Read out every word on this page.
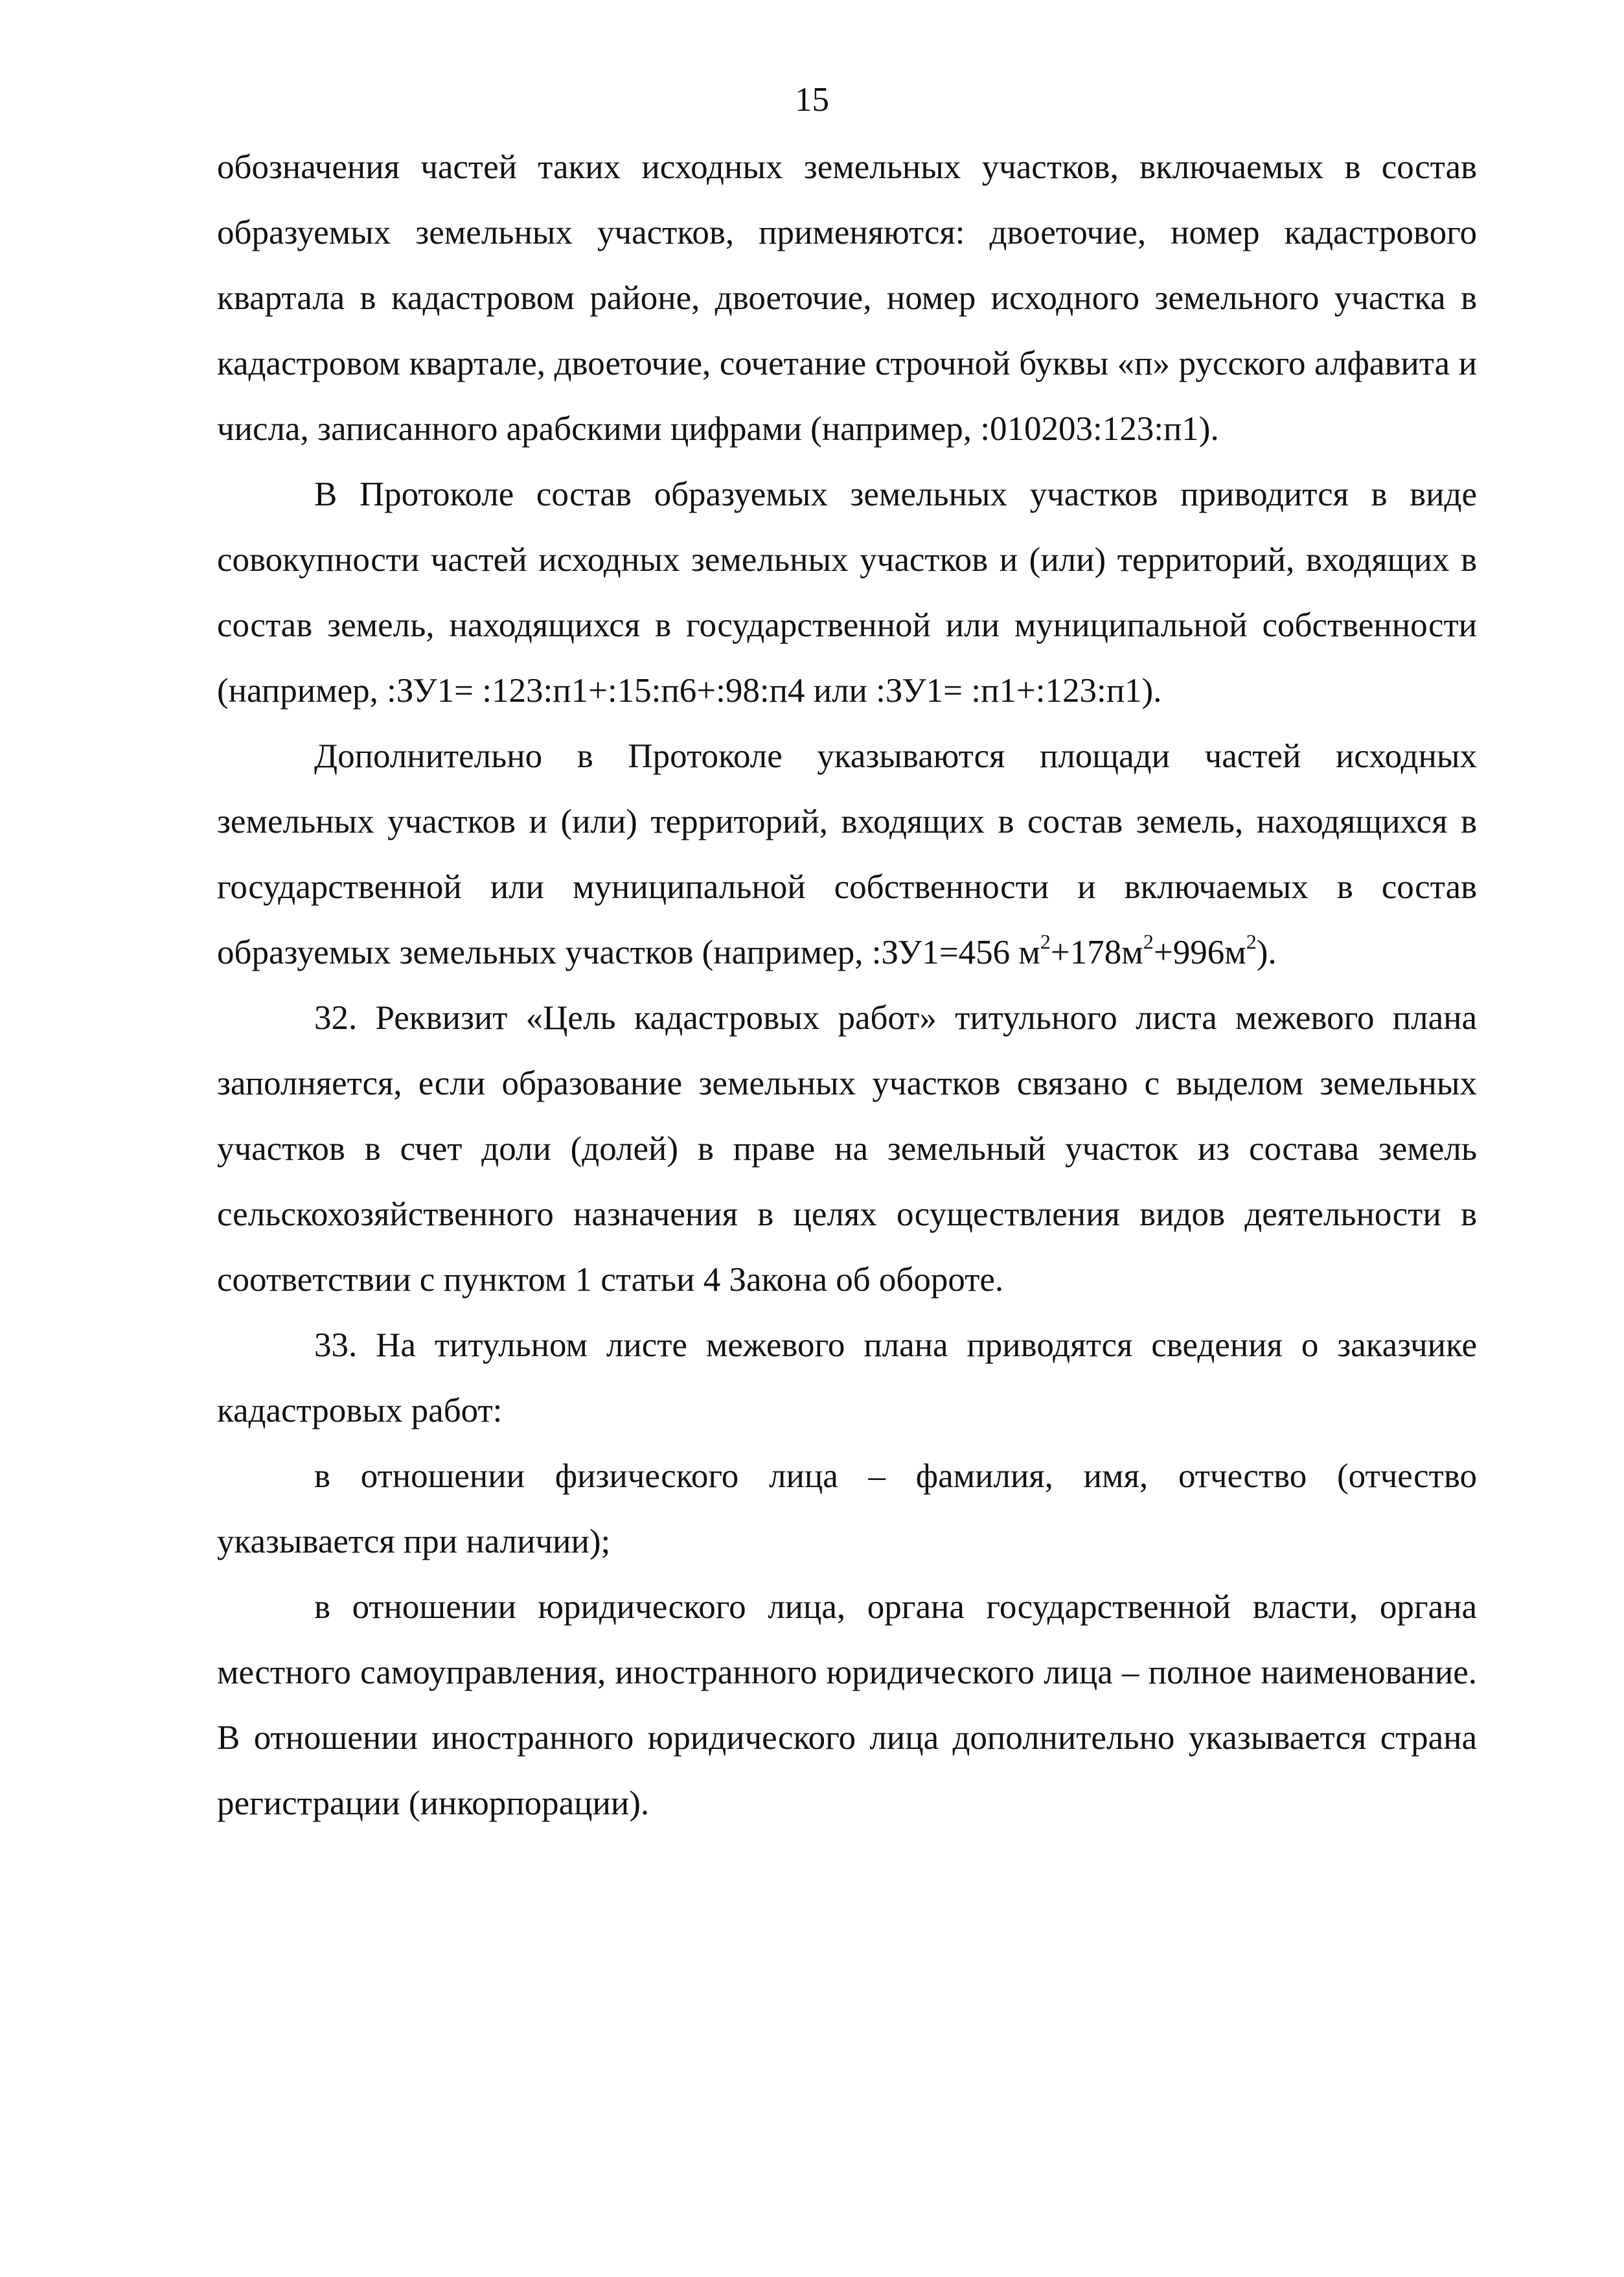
15

обозначения частей таких исходных земельных участков, включаемых в состав образуемых земельных участков, применяются: двоеточие, номер кадастрового квартала в кадастровом районе, двоеточие, номер исходного земельного участка в кадастровом квартале, двоеточие, сочетание строчной буквы «п» русского алфавита и числа, записанного арабскими цифрами (например, :010203:123:п1).

В Протоколе состав образуемых земельных участков приводится в виде совокупности частей исходных земельных участков и (или) территорий, входящих в состав земель, находящихся в государственной или муниципальной собственности (например, :ЗУ1= :123:п1+:15:п6+:98:п4 или :ЗУ1= :п1+:123:п1).

Дополнительно в Протоколе указываются площади частей исходных земельных участков и (или) территорий, входящих в состав земель, находящихся в государственной или муниципальной собственности и включаемых в состав образуемых земельных участков (например, :ЗУ1=456 $м^2+178м^2+996м^2$).

32. Реквизит «Цель кадастровых работ» титульного листа межевого плана заполняется, если образование земельных участков связано с выделом земельных участков в счет доли (долей) в праве на земельный участок из состава земель сельскохозяйственного назначения в целях осуществления видов деятельности в соответствии с пунктом 1 статьи 4 Закона об обороте.

33. На титульном листе межевого плана приводятся сведения о заказчике кадастровых работ:

в отношении физического лица – фамилия, имя, отчество (отчество указывается при наличии);

в отношении юридического лица, органа государственной власти, органа местного самоуправления, иностранного юридического лица – полное наименование. В отношении иностранного юридического лица дополнительно указывается страна регистрации (инкорпорации).
